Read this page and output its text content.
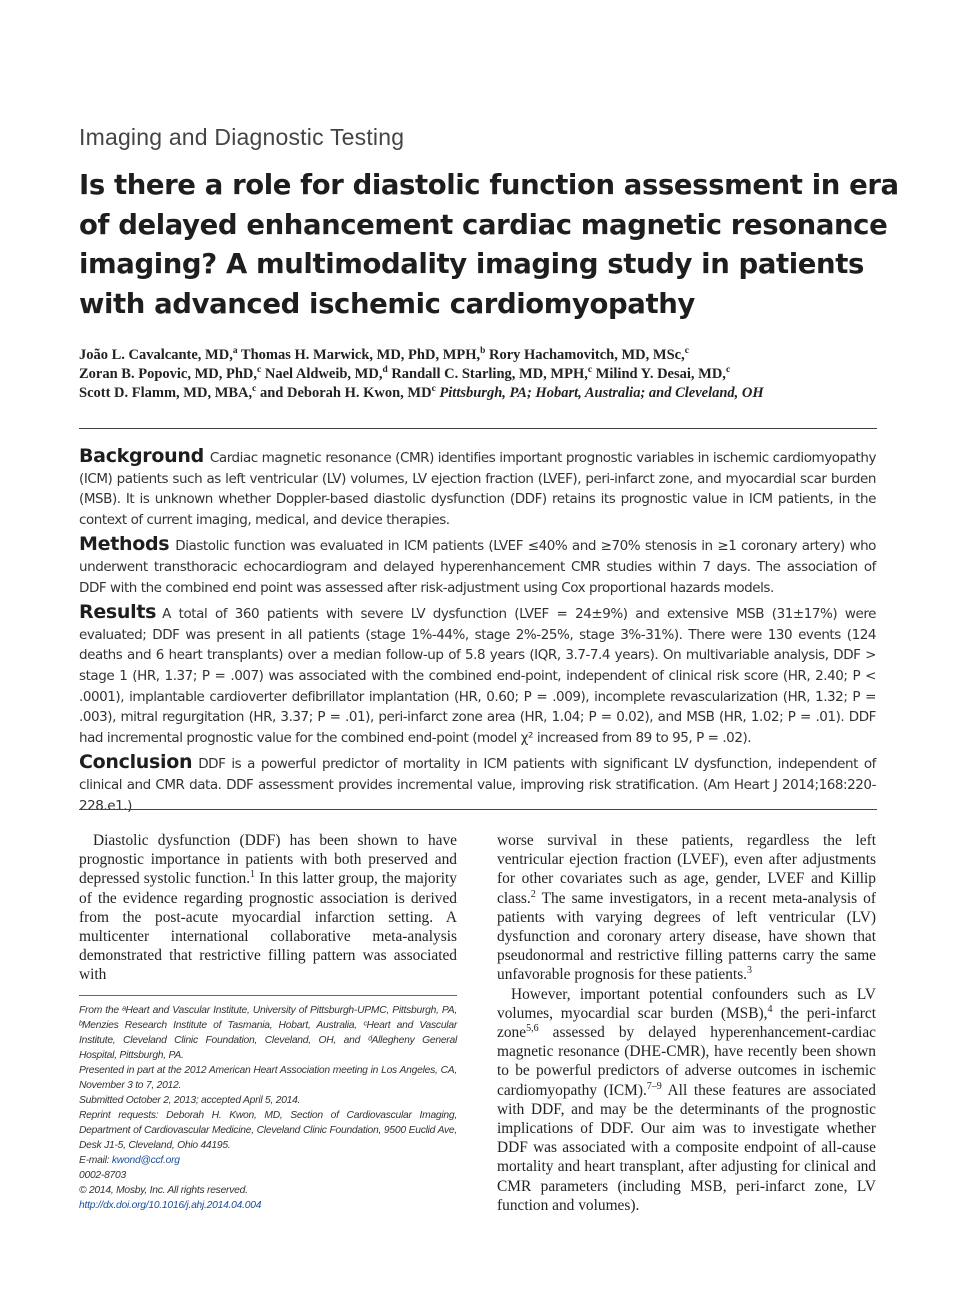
Imaging and Diagnostic Testing
Is there a role for diastolic function assessment in era of delayed enhancement cardiac magnetic resonance imaging? A multimodality imaging study in patients with advanced ischemic cardiomyopathy
João L. Cavalcante, MD,$^a$ Thomas H. Marwick, MD, PhD, MPH,$^b$ Rory Hachamovitch, MD, MSc,$^c$
Zoran B. Popovic, MD, PhD,$^c$ Nael Aldweib, MD,$^d$ Randall C. Starling, MD, MPH,$^c$ Milind Y. Desai, MD,$^c$
Scott D. Flamm, MD, MBA,$^c$ and Deborah H. Kwon, $MD^c$ Pittsburgh, PA; Hobart, Australia; and Cleveland, OH

Background Cardiac magnetic resonance (CMR) identifies important prognostic variables in ischemic cardiomyopathy (ICM) patients such as left ventricular (LV) volumes, LV ejection fraction (LVEF), peri-infarct zone, and myocardial scar burden (MSB). It is unknown whether Doppler-based diastolic dysfunction (DDF) retains its prognostic value in ICM patients, in the context of current imaging, medical, and device therapies.

Methods Diastolic function was evaluated in ICM patients (LVEF ≤40% and ≥70% stenosis in ≥1 coronary artery) who underwent transthoracic echocardiogram and delayed hyperenhancement CMR studies within 7 days. The association of DDF with the combined end point was assessed after risk-adjustment using Cox proportional hazards models.

Results A total of 360 patients with severe LV dysfunction (LVEF = 24±9%) and extensive MSB (31±17%) were evaluated; DDF was present in all patients (stage 1%-44%, stage 2%-25%, stage 3%-31%). There were 130 events (124 deaths and 6 heart transplants) over a median follow-up of 5.8 years (IQR, 3.7-7.4 years). On multivariable analysis, DDF > stage 1 (HR, 1.37; P = .007) was associated with the combined end-point, independent of clinical risk score (HR, 2.40; P < .0001), implantable cardioverter defibrillator implantation (HR, 0.60; P = .009), incomplete revascularization (HR, 1.32; P = .003), mitral regurgitation (HR, 3.37; P = .01), peri-infarct zone area (HR, 1.04; P = 0.02), and MSB (HR, 1.02; P = .01). DDF had incremental prognostic value for the combined end-point (model χ² increased from 89 to 95, P = .02).

Conclusion DDF is a powerful predictor of mortality in ICM patients with significant LV dysfunction, independent of clinical and CMR data. DDF assessment provides incremental value, improving risk stratification. (Am Heart J 2014;168:220-228.e1.)

Diastolic dysfunction (DDF) has been shown to have prognostic importance in patients with both preserved and depressed systolic function.$^1$ In this latter group, the majority of the evidence regarding prognostic association is derived from the post-acute myocardial infarction setting. A multicenter international collaborative meta-analysis demonstrated that restrictive filling pattern was associated with

From the ᵃHeart and Vascular Institute, University of Pittsburgh-UPMC, Pittsburgh, PA, ᵇMenzies Research Institute of Tasmania, Hobart, Australia, ᶜHeart and Vascular Institute, Cleveland Clinic Foundation, Cleveland, OH, and ᵈAllegheny General Hospital, Pittsburgh, PA.

Presented in part at the 2012 American Heart Association meeting in Los Angeles, CA, November 3 to 7, 2012.

Submitted October 2, 2013; accepted April 5, 2014.

Reprint requests: Deborah H. Kwon, MD, Section of Cardiovascular Imaging, Department of Cardiovascular Medicine, Cleveland Clinic Foundation, 9500 Euclid Ave, Desk J1-5, Cleveland, Ohio 44195.

E-mail: kwond@ccf.org

0002-8703

© 2014, Mosby, Inc. All rights reserved.

http://dx.doi.org/10.1016/j.ahj.2014.04.004

worse survival in these patients, regardless the left ventricular ejection fraction (LVEF), even after adjustments for other covariates such as age, gender, LVEF and Killip class.$^2$ The same investigators, in a recent meta-analysis of patients with varying degrees of left ventricular (LV) dysfunction and coronary artery disease, have shown that pseudonormal and restrictive filling patterns carry the same unfavorable prognosis for these patients.$^3$

However, important potential confounders such as LV volumes, myocardial scar burden (MSB),$^4$ the peri-infarct zone$^{5,6}$ assessed by delayed hyperenhancement-cardiac magnetic resonance (DHE-CMR), have recently been shown to be powerful predictors of adverse outcomes in ischemic cardiomyopathy (ICM).$^{7-9}$ All these features are associated with DDF, and may be the determinants of the prognostic implications of DDF. Our aim was to investigate whether DDF was associated with a composite endpoint of all-cause mortality and heart transplant, after adjusting for clinical and CMR parameters (including MSB, peri-infarct zone, LV function and volumes).
